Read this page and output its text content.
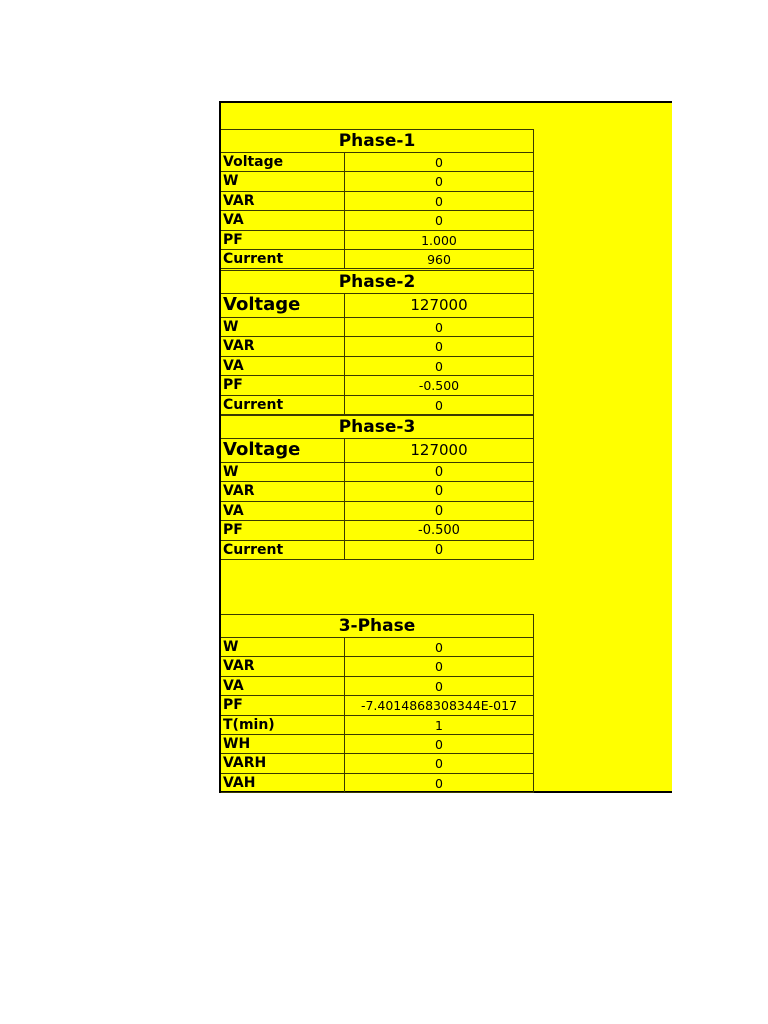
Phase-1
Voltage	0
W	0
VAR	0
VA	0
PF	1.000
Current	960
Phase-2
Voltage	127000
W	0
VAR	0
VA	0
PF	-0.500
Current	0
Phase-3
Voltage	127000
W	0
VAR	0
VA	0
PF	-0.500
Current	0
3-Phase
W	0
VAR	0
VA	0
PF	-7.4014868308344E-017
T(min)	1
WH	0
VARH	0
VAH	0
